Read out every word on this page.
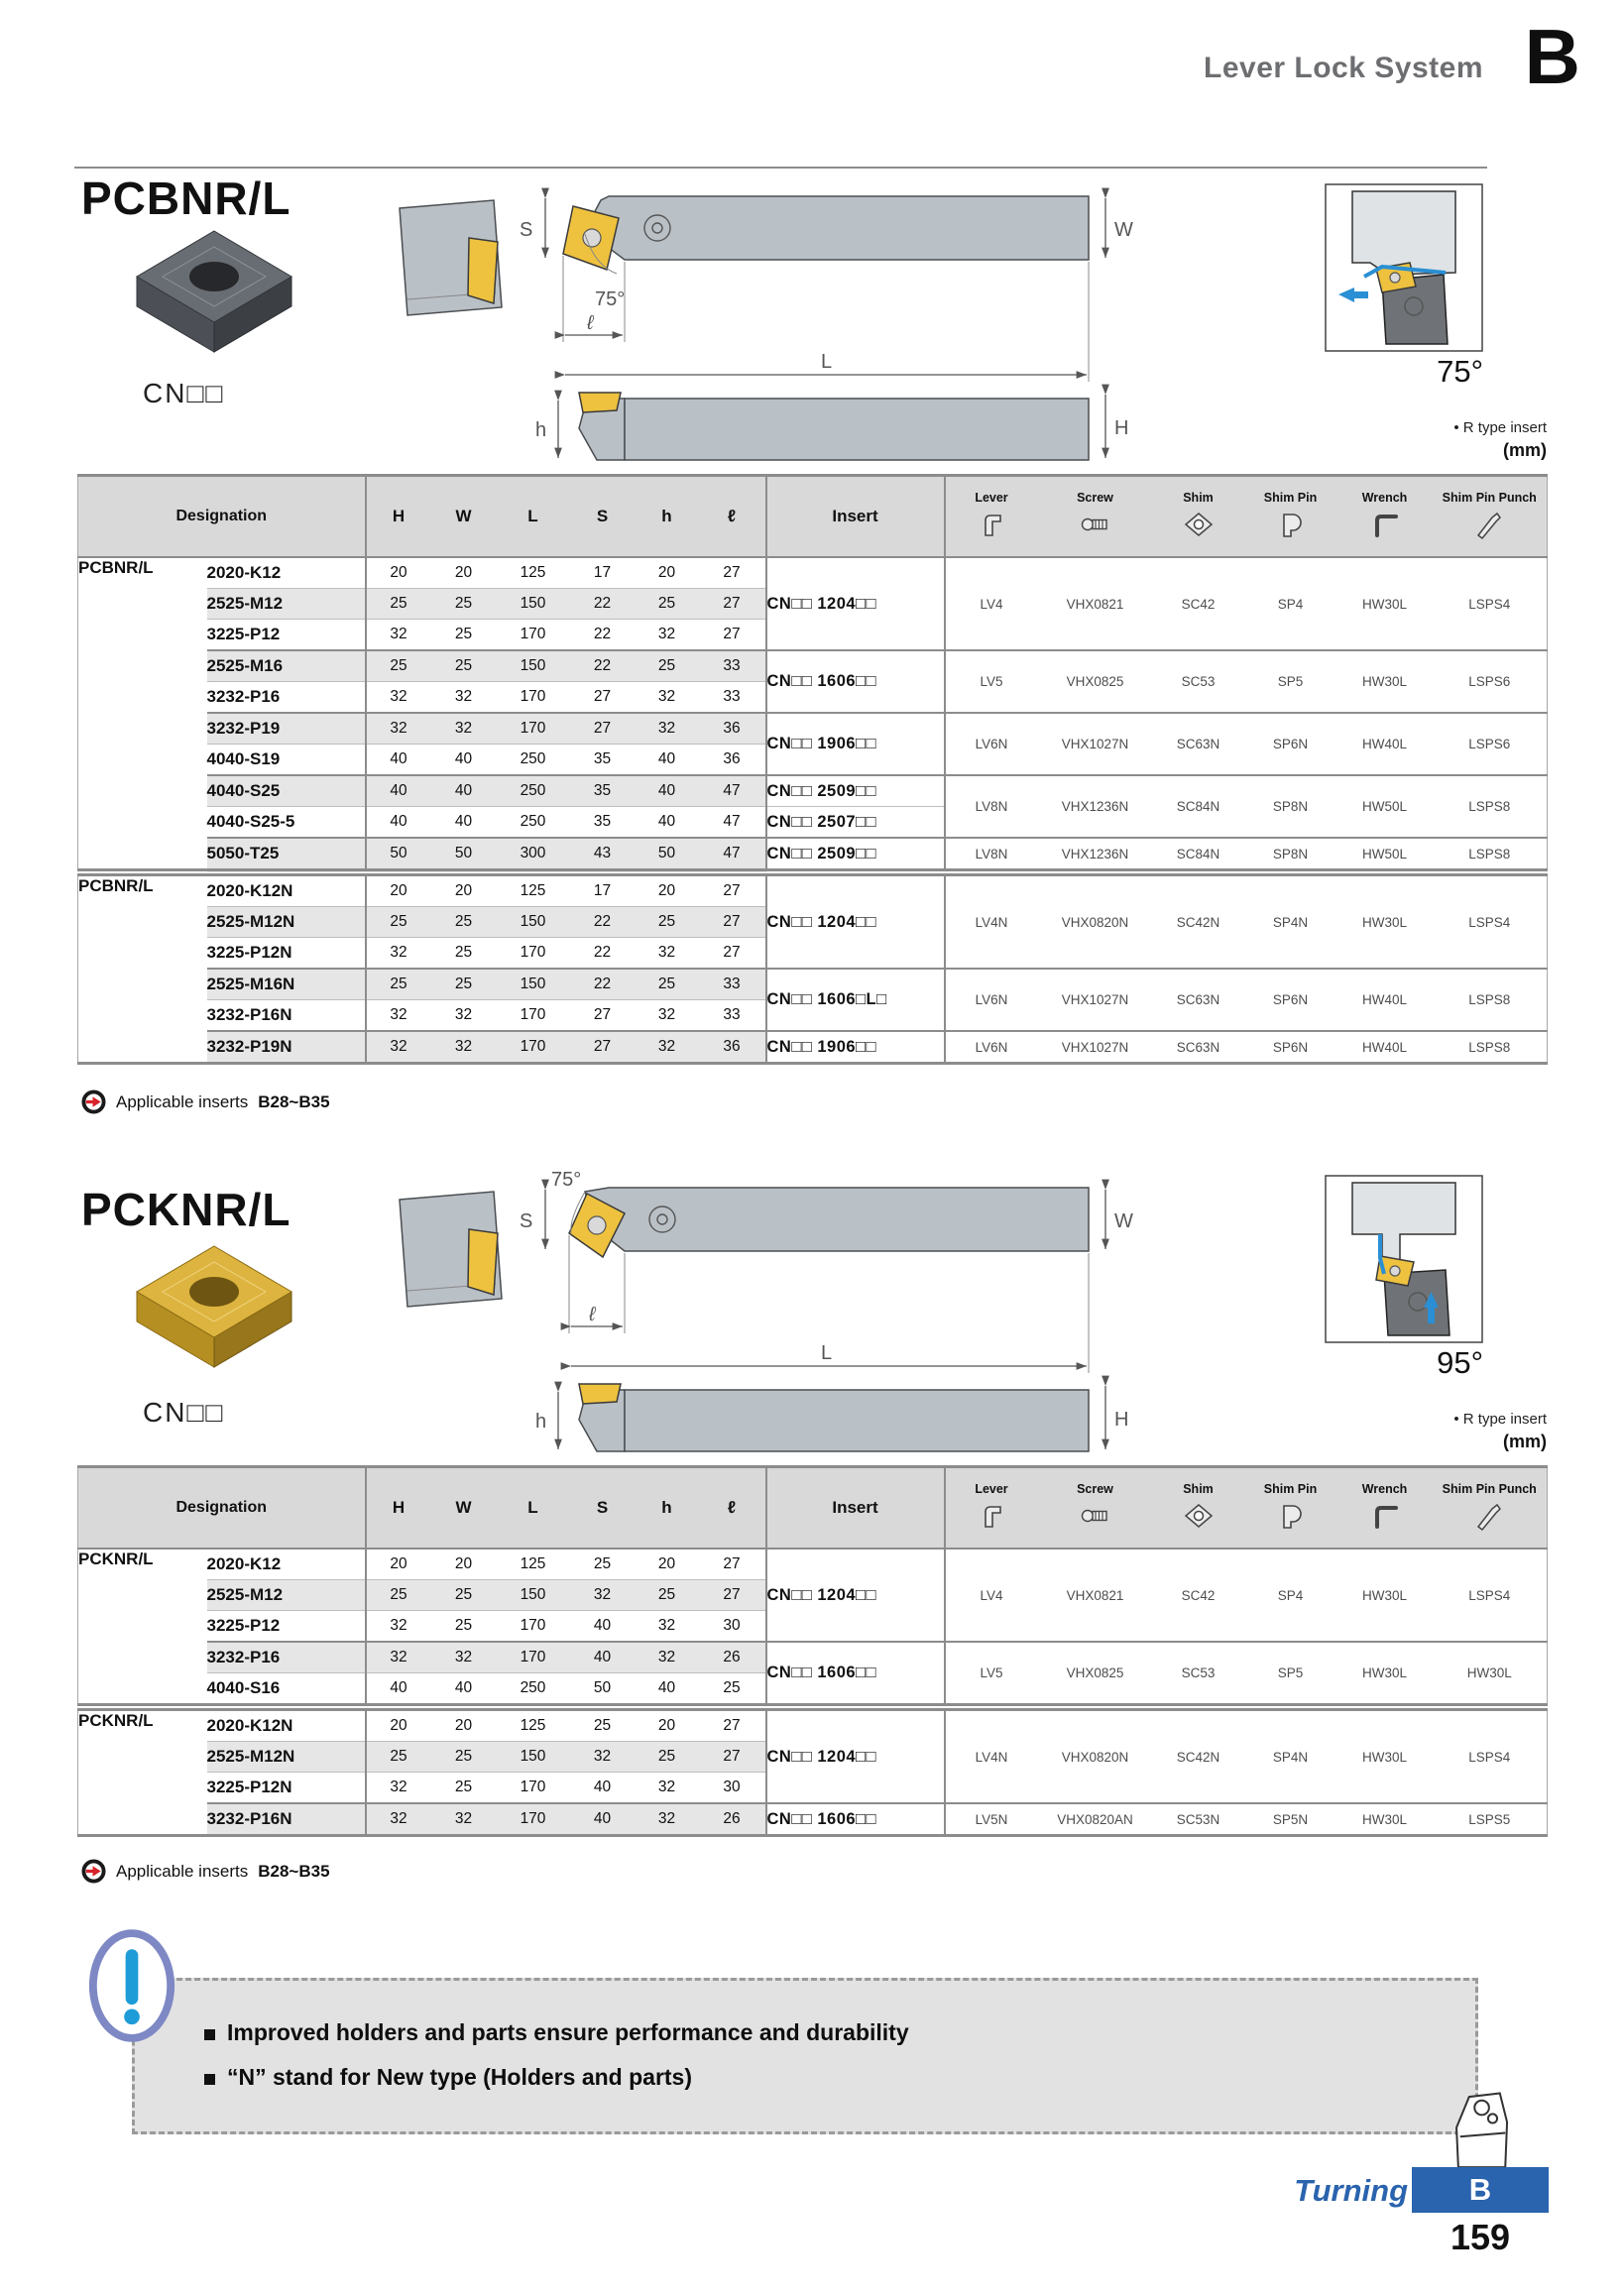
Lever Lock System B
PCBNR/L
CN□□
S	W
75°
ℓ
L
h	H
75°
• R type insert
(mm)
Designation		H	W	L	S	h	ℓ	Insert	Lever	Screw	Shim	Shim Pin	Wrench	Shim Pin Punch

PCBNR/L	2020-K12	20	20	125	17	20	27	CN□□ 1204□□	LV4	VHX0821	SC42	SP4	HW30L	LSPS4
	2525-M12	25	25	150	22	25	27							
	3225-P12	32	25	170	22	32	27							
	2525-M16	25	25	150	22	25	33	CN□□ 1606□□	LV5	VHX0825	SC53	SP5	HW30L	LSPS6
	3232-P16	32	32	170	27	32	33							
	3232-P19	32	32	170	27	32	36	CN□□ 1906□□	LV6N	VHX1027N	SC63N	SP6N	HW40L	LSPS6
	4040-S19	40	40	250	35	40	36							
	4040-S25	40	40	250	35	40	47	CN□□ 2509□□	LV8N	VHX1236N	SC84N	SP8N	HW50L	LSPS8
	4040-S25-5	40	40	250	35	40	47	CN□□ 2507□□						
	5050-T25	50	50	300	43	50	47	CN□□ 2509□□	LV8N	VHX1236N	SC84N	SP8N	HW50L	LSPS8
PCBNR/L	2020-K12N	20	20	125	17	20	27	CN□□ 1204□□	LV4N	VHX0820N	SC42N	SP4N	HW30L	LSPS4
	2525-M12N	25	25	150	22	25	27							
	3225-P12N	32	25	170	22	32	27							
	2525-M16N	25	25	150	22	25	33	CN□□ 1606□L□	LV6N	VHX1027N	SC63N	SP6N	HW40L	LSPS8
	3232-P16N	32	32	170	27	32	33							
	3232-P19N	32	32	170	27	32	36	CN□□ 1906□□	LV6N	VHX1027N	SC63N	SP6N	HW40L	LSPS8
Applicable inserts B28~B35
PCKNR/L
CN□□
S	W
75°
ℓ
L
h	H
95°
• R type insert
(mm)
Designation		H	W	L	S	h	ℓ	Insert	Lever	Screw	Shim	Shim Pin	Wrench	Shim Pin Punch

PCKNR/L	2020-K12	20	20	125	25	20	27	CN□□ 1204□□	LV4	VHX0821	SC42	SP4	HW30L	LSPS4
	2525-M12	25	25	150	32	25	27							
	3225-P12	32	25	170	40	32	30							
	3232-P16	32	32	170	40	32	26	CN□□ 1606□□	LV5	VHX0825	SC53	SP5	HW30L	HW30L
	4040-S16	40	40	250	50	40	25							
PCKNR/L	2020-K12N	20	20	125	25	20	27	CN□□ 1204□□	LV4N	VHX0820N	SC42N	SP4N	HW30L	LSPS4
	2525-M12N	25	25	150	32	25	27							
	3225-P12N	32	25	170	40	32	30							
	3232-P16N	32	32	170	40	32	26	CN□□ 1606□□	LV5N	VHX0820AN	SC53N	SP5N	HW30L	LSPS5
Applicable inserts B28~B35
Improved holders and parts ensure performance and durability
“N” stand for New type (Holders and parts)
Turning B
159
